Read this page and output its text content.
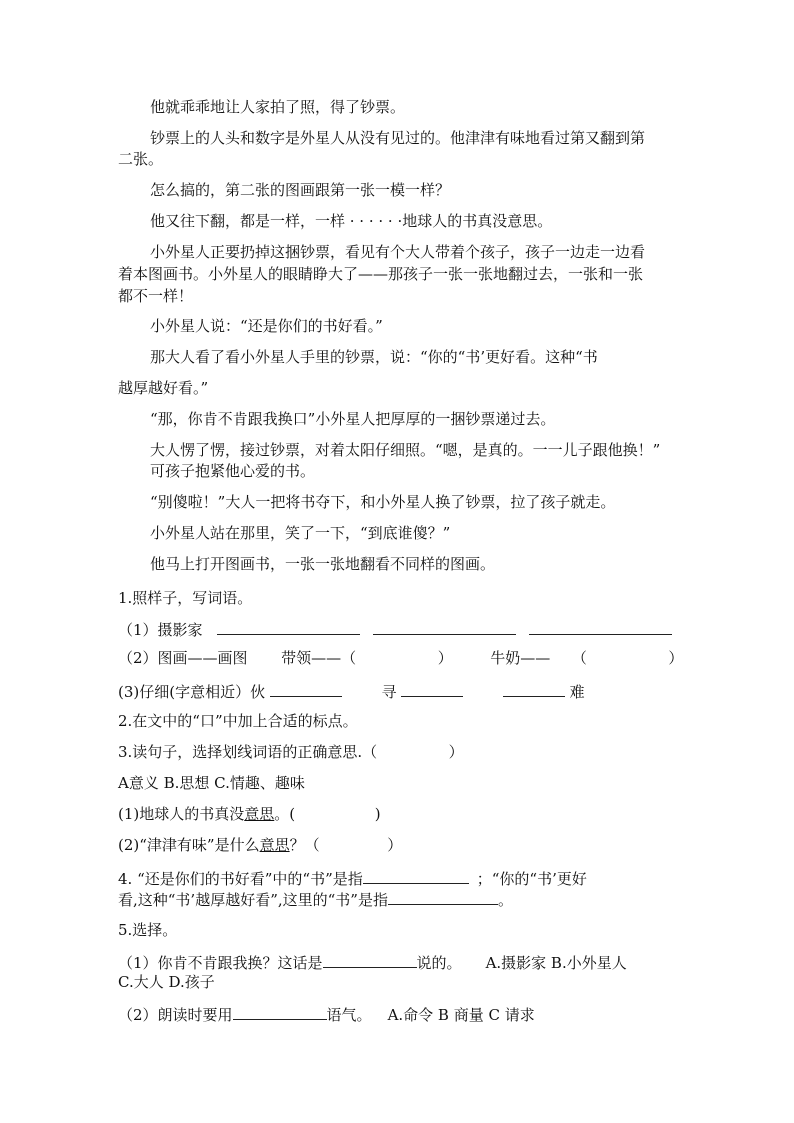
他就乖乖地让人家拍了照，得了钞票。
钞票上的人头和数字是外星人从没有见过的。他津津有味地看过第又翻到第
二张。
怎么搞的，第二张的图画跟第一张一模一样？
他又往下翻，都是一样，一样 · · · · · ·地球人的书真没意思。
小外星人正要扔掉这捆钞票，看见有个大人带着个孩子，孩子一边走一边看
着本图画书。小外星人的眼睛睁大了——那孩子一张一张地翻过去，一张和一张
都不一样！
小外星人说：“还是你们的书好看。”
那大人看了看小外星人手里的钞票，说：“你的“书’更好看。这种“书
越厚越好看。”
“那，你肯不肯跟我换口”小外星人把厚厚的一捆钞票递过去。
大人愣了愣，接过钞票，对着太阳仔细照。“嗯，是真的。一一儿子跟他换！”
可孩子抱紧他心爱的书。
“别傻啦！”大人一把将书夺下，和小外星人换了钞票，拉了孩子就走。
小外星人站在那里，笑了一下，“到底谁傻？”
他马上打开图画书，一张一张地翻看不同样的图画。
1.照样子，写词语。
（1）摄影家
（2）图画——画图 带领——（	）	牛奶—— （	）
(3)仔细(字意相近）伙	寻	难
2.在文中的“口”中加上合适的标点。
3.读句子，选择划线词语的正确意思.（	）
A意义 B.思想 C.情趣、趣味
(1)地球人的书真没意思。(	)
(2)“津津有味”是什么意思？（	）
4. “还是你们的书好看”中的“书”是指	；“你的“书’更好
看,这种“书’越厚越好看”,这里的“书”是指	。
5.选择。
（1）你肯不肯跟我换？这话是	说的。 A.摄影家 B.小外星人
C.大人 D.孩子
（2）朗读时要用	语气。 A.命令 B 商量 C 请求
